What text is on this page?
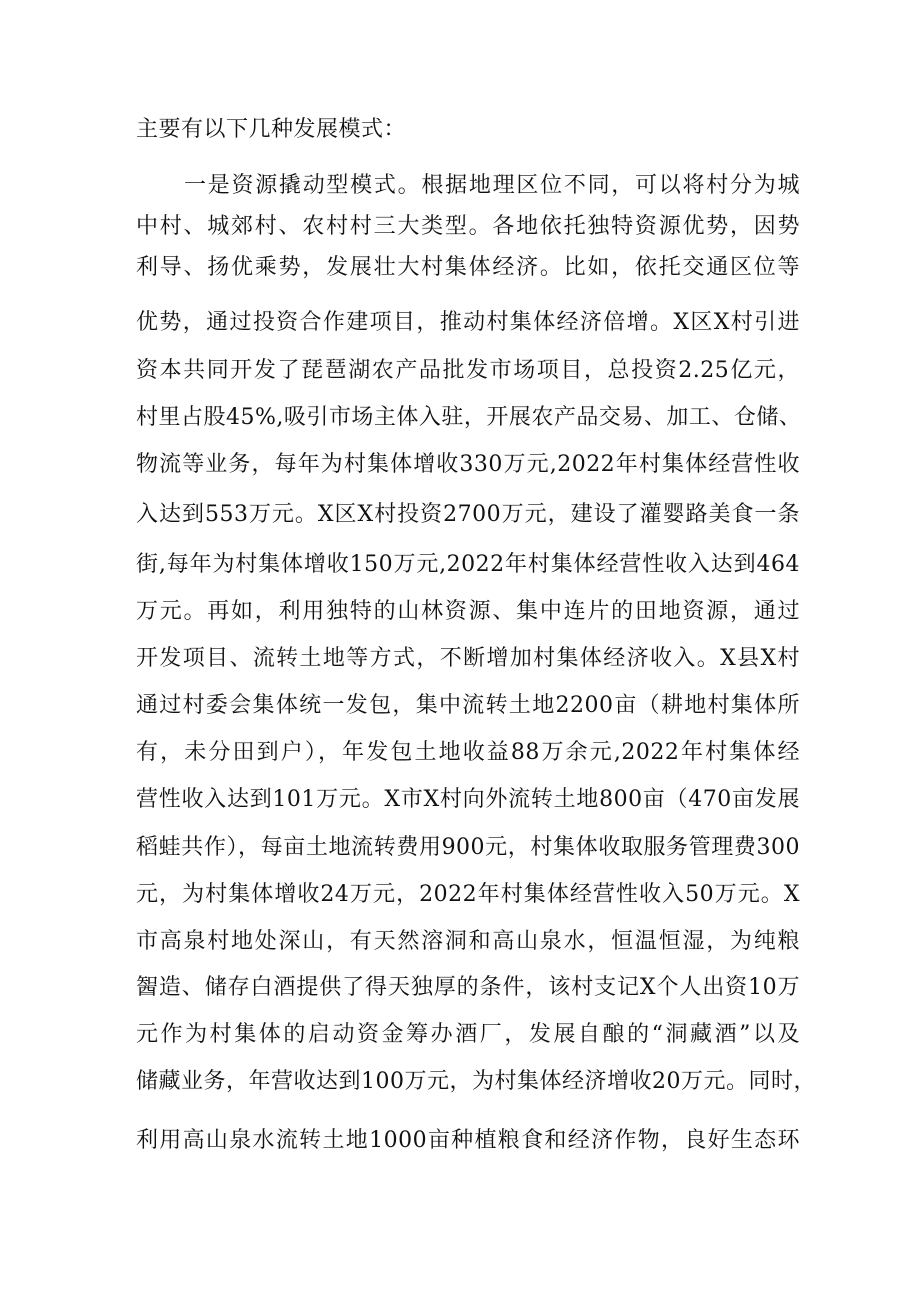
主要有以下几种发展模式：
一是资源撬动型模式。根据地理区位不同，可以将村分为城
中村、城郊村、农村村三大类型。各地依托独特资源优势，因势
利导、扬优乘势，发展壮大村集体经济。比如，依托交通区位等
优势，通过投资合作建项目，推动村集体经济倍增。X区X村引进
资本共同开发了琵琶湖农产品批发市场项目，总投资2.25亿元，
村里占股45%,吸引市场主体入驻，开展农产品交易、加工、仓储、
物流等业务，每年为村集体增收330万元,2022年村集体经营性收
入达到553万元。X区X村投资2700万元，建设了灌婴路美食一条
街,每年为村集体增收150万元,2022年村集体经营性收入达到464
万元。再如，利用独特的山林资源、集中连片的田地资源，通过
开发项目、流转土地等方式，不断增加村集体经济收入。X县X村
通过村委会集体统一发包，集中流转土地2200亩（耕地村集体所
有，未分田到户），年发包土地收益88万余元,2022年村集体经
营性收入达到101万元。X市X村向外流转土地800亩（470亩发展
稻蛙共作），每亩土地流转费用900元，村集体收取服务管理费300
元，为村集体增收24万元，2022年村集体经营性收入50万元。X
市高泉村地处深山，有天然溶洞和高山泉水，恒温恒湿，为纯粮
䣽造、储存白酒提供了得天独厚的条件，该村支记X个人出资10万
元作为村集体的启动资金筹办酒厂，发展自酿的“洞藏酒”以及
储藏业务，年营收达到100万元，为村集体经济增收20万元。同时，
利用高山泉水流转土地1000亩种植粮食和经济作物，良好生态环
